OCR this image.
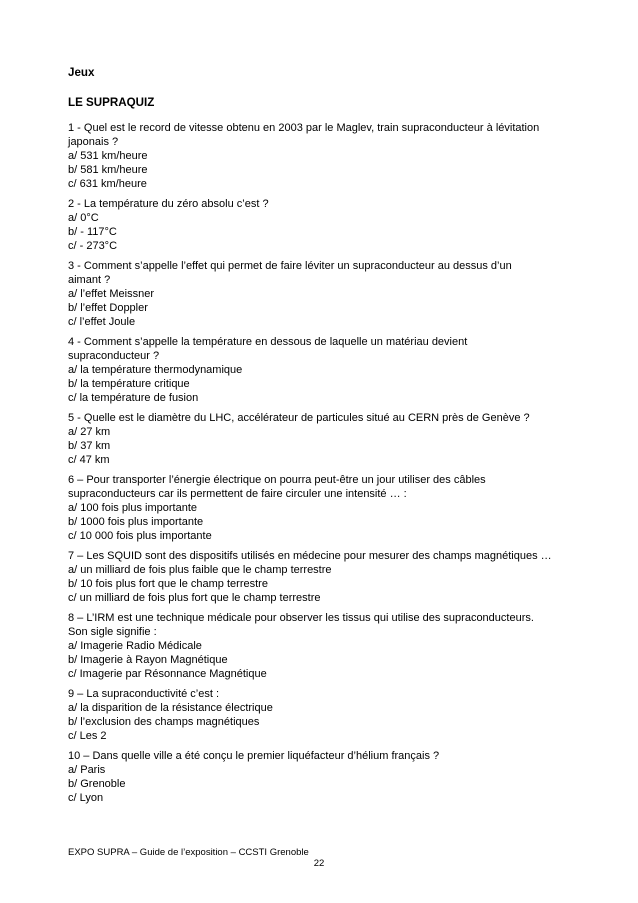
Jeux
LE SUPRAQUIZ

1 - Quel est le record de vitesse obtenu en 2003 par le Maglev, train supraconducteur à lévitation

japonais ?

a/ 531 km/heure

b/ 581 km/heure

c/ 631 km/heure

2 - La température du zéro absolu c’est ?

a/ 0°C

b/ - 117°C

c/ - 273°C

3 - Comment s’appelle l’effet qui permet de faire léviter un supraconducteur au dessus d’un

aimant ?

a/ l’effet Meissner

b/ l’effet Doppler

c/ l’effet Joule

4 - Comment s’appelle la température en dessous de laquelle un matériau devient

supraconducteur ?

a/ la température thermodynamique

b/ la température critique

c/ la température de fusion

5 - Quelle est le diamètre du LHC, accélérateur de particules situé au CERN près de Genève ?

a/ 27 km

b/ 37 km

c/ 47 km

6 – Pour transporter l’énergie électrique on pourra peut-être un jour utiliser des câbles

supraconducteurs car ils permettent de faire circuler une intensité … :

a/ 100 fois plus importante

b/ 1000 fois plus importante

c/ 10 000 fois plus importante

7 – Les SQUID sont des dispositifs utilisés en médecine pour mesurer des champs magnétiques …

a/ un milliard de fois plus faible que le champ terrestre

b/ 10 fois plus fort que le champ terrestre

c/ un milliard de fois plus fort que le champ terrestre

8 – L’IRM est une technique médicale pour observer les tissus qui utilise des supraconducteurs.

Son sigle signifie :

a/ Imagerie Radio Médicale

b/ Imagerie à Rayon Magnétique

c/ Imagerie par Résonnance Magnétique

9 – La supraconductivité c’est :

a/ la disparition de la résistance électrique

b/ l’exclusion des champs magnétiques

c/ Les 2

10 – Dans quelle ville a été conçu le premier liquéfacteur d’hélium français ?

a/ Paris

b/ Grenoble

c/ Lyon

EXPO SUPRA – Guide de l’exposition – CCSTI Grenoble
22
